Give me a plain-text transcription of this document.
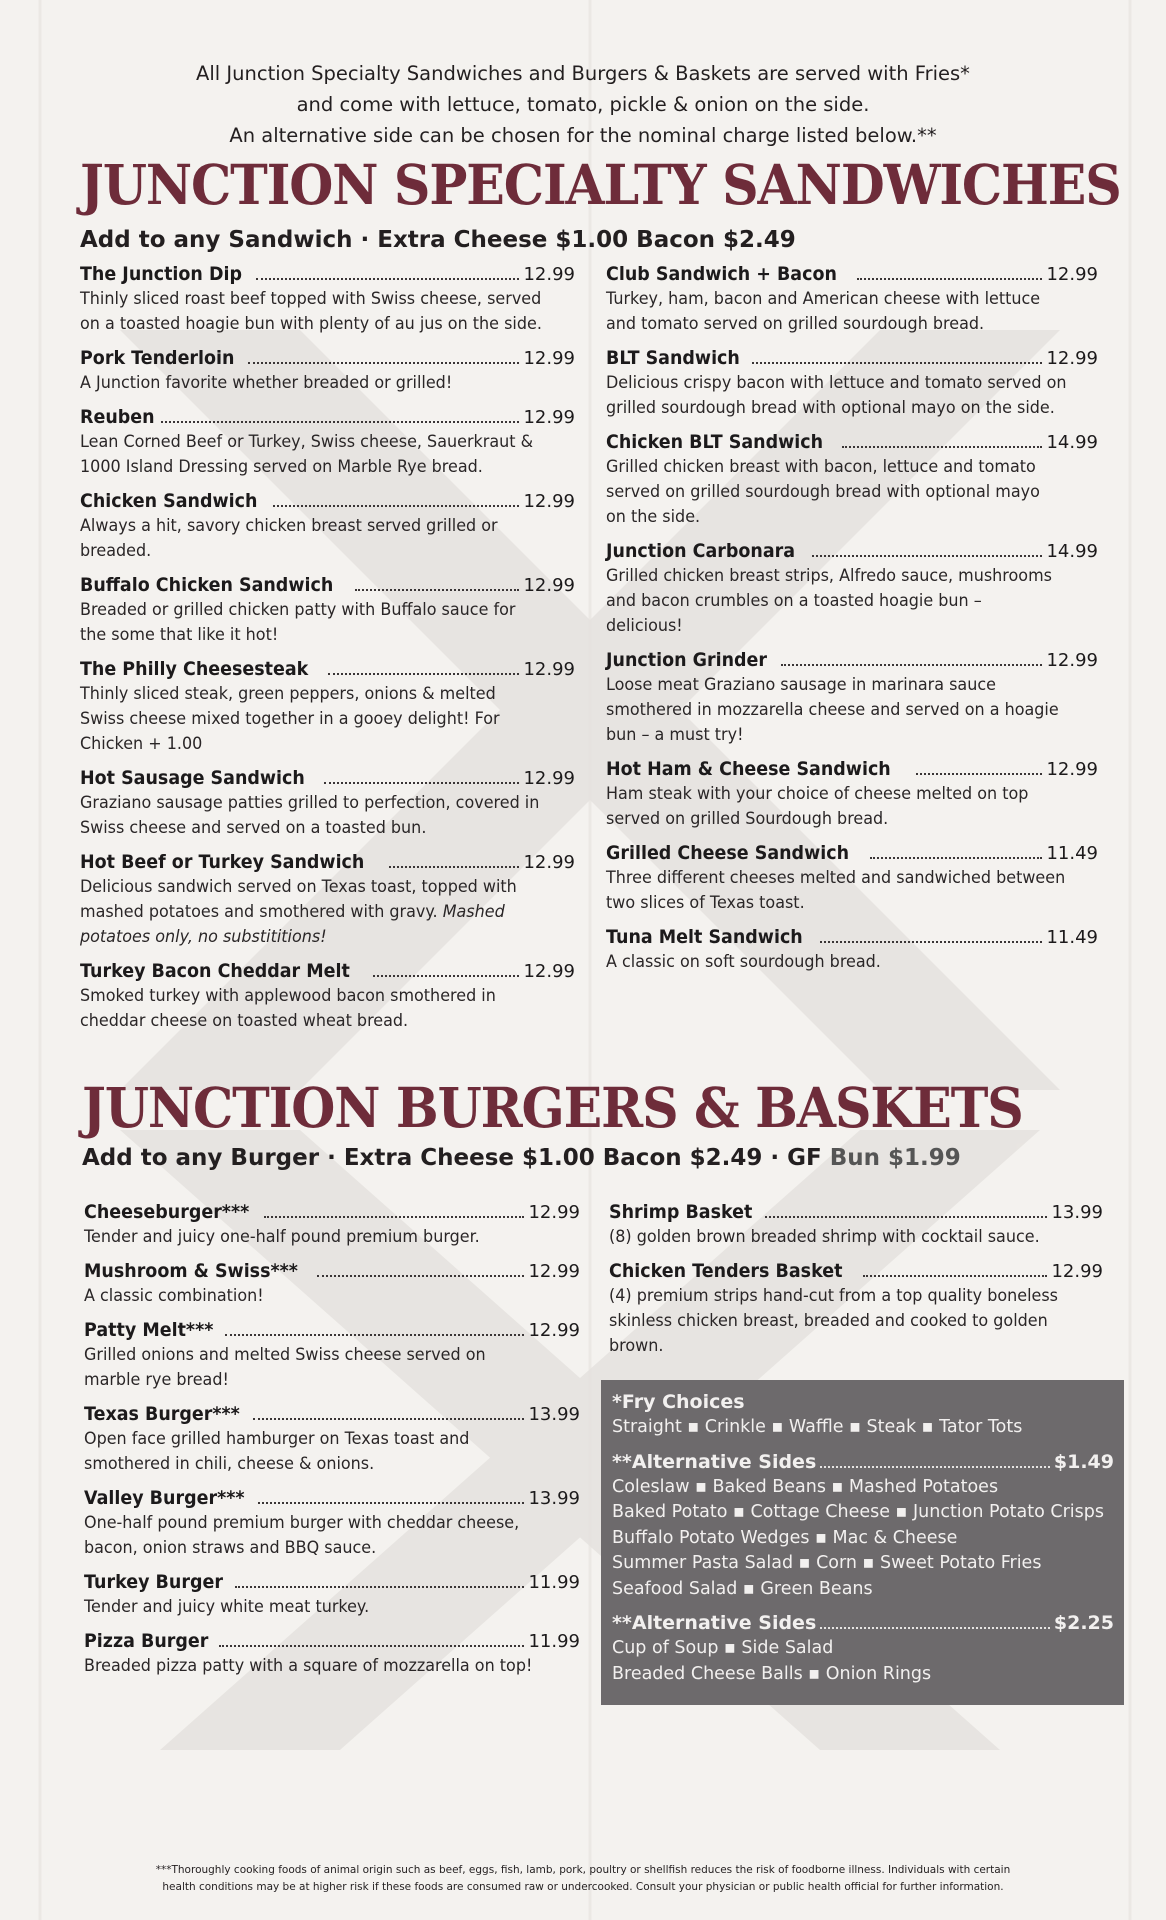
All Junction Specialty Sandwiches and Burgers & Baskets are served with Fries*
and come with lettuce, tomato, pickle & onion on the side.
An alternative side can be chosen for the nominal charge listed below.**
JUNCTION SPECIALTY SANDWICHES
Add to any Sandwich · Extra Cheese $1.00 Bacon $2.49
The Junction Dip	12.99
Thinly sliced roast beef topped with Swiss cheese, served
on a toasted hoagie bun with plenty of au jus on the side.
Pork Tenderloin	12.99
A Junction favorite whether breaded or grilled!
Reuben	12.99
Lean Corned Beef or Turkey, Swiss cheese, Sauerkraut &
1000 Island Dressing served on Marble Rye bread.
Chicken Sandwich	12.99
Always a hit, savory chicken breast served grilled or
breaded.
Buffalo Chicken Sandwich	12.99
Breaded or grilled chicken patty with Buffalo sauce for
the some that like it hot!
The Philly Cheesesteak	12.99
Thinly sliced steak, green peppers, onions & melted
Swiss cheese mixed together in a gooey delight! For
Chicken + 1.00
Hot Sausage Sandwich	12.99
Graziano sausage patties grilled to perfection, covered in
Swiss cheese and served on a toasted bun.
Hot Beef or Turkey Sandwich	12.99
Delicious sandwich served on Texas toast, topped with
mashed potatoes and smothered with gravy. Mashed
potatoes only, no substititions!
Turkey Bacon Cheddar Melt	12.99
Smoked turkey with applewood bacon smothered in
cheddar cheese on toasted wheat bread.
Club Sandwich + Bacon	12.99
Turkey, ham, bacon and American cheese with lettuce
and tomato served on grilled sourdough bread.
BLT Sandwich	12.99
Delicious crispy bacon with lettuce and tomato served on
grilled sourdough bread with optional mayo on the side.
Chicken BLT Sandwich	14.99
Grilled chicken breast with bacon, lettuce and tomato
served on grilled sourdough bread with optional mayo
on the side.
Junction Carbonara	14.99
Grilled chicken breast strips, Alfredo sauce, mushrooms
and bacon crumbles on a toasted hoagie bun –
delicious!
Junction Grinder	12.99
Loose meat Graziano sausage in marinara sauce
smothered in mozzarella cheese and served on a hoagie
bun – a must try!
Hot Ham & Cheese Sandwich	12.99
Ham steak with your choice of cheese melted on top
served on grilled Sourdough bread.
Grilled Cheese Sandwich	11.49
Three different cheeses melted and sandwiched between
two slices of Texas toast.
Tuna Melt Sandwich	11.49
A classic on soft sourdough bread.
JUNCTION BURGERS & BASKETS
Add to any Burger · Extra Cheese $1.00 Bacon $2.49 · GF Bun $1.99
Cheeseburger***	12.99
Tender and juicy one-half pound premium burger.
Mushroom & Swiss***	12.99
A classic combination!
Patty Melt***	12.99
Grilled onions and melted Swiss cheese served on
marble rye bread!
Texas Burger***	13.99
Open face grilled hamburger on Texas toast and
smothered in chili, cheese & onions.
Valley Burger***	13.99
One-half pound premium burger with cheddar cheese,
bacon, onion straws and BBQ sauce.
Turkey Burger	11.99
Tender and juicy white meat turkey.
Pizza Burger	11.99
Breaded pizza patty with a square of mozzarella on top!
Shrimp Basket	13.99
(8) golden brown breaded shrimp with cocktail sauce.
Chicken Tenders Basket	12.99
(4) premium strips hand-cut from a top quality boneless
skinless chicken breast, breaded and cooked to golden
brown.
*Fry Choices
Straight ▪ Crinkle ▪ Waffle ▪ Steak ▪ Tator Tots
**Alternative Sides	$1.49
Coleslaw ▪ Baked Beans ▪ Mashed Potatoes
Baked Potato ▪ Cottage Cheese ▪ Junction Potato Crisps
Buffalo Potato Wedges ▪ Mac & Cheese
Summer Pasta Salad ▪ Corn ▪ Sweet Potato Fries
Seafood Salad ▪ Green Beans
**Alternative Sides	$2.25
Cup of Soup ▪ Side Salad
Breaded Cheese Balls ▪ Onion Rings
***Thoroughly cooking foods of animal origin such as beef, eggs, fish, lamb, pork, poultry or shellfish reduces the risk of foodborne illness. Individuals with certain
health conditions may be at higher risk if these foods are consumed raw or undercooked. Consult your physician or public health official for further information.
